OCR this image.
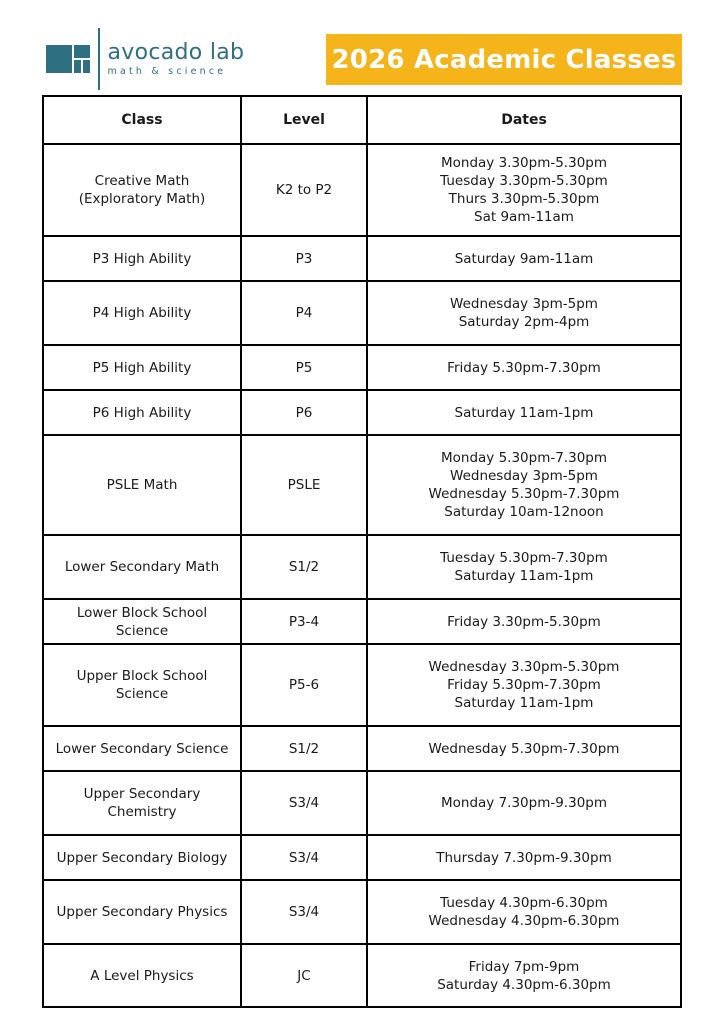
avocado lab
math & science	2026 Academic Classes
Class	Level	Dates
Creative Math (Exploratory Math)	K2 to P2	Monday 3.30pm-5.30pm
Tuesday 3.30pm-5.30pm
Thurs 3.30pm-5.30pm
Sat 9am-11am

P3 High Ability	P3	Saturday 9am-11am

P4 High Ability	P4	Wednesday 3pm-5pm
Saturday 2pm-4pm

P5 High Ability	P5	Friday 5.30pm-7.30pm

P6 High Ability	P6	Saturday 11am-1pm

PSLE Math	PSLE	Monday 5.30pm-7.30pm
Wednesday 3pm-5pm
Wednesday 5.30pm-7.30pm
Saturday 10am-12noon

Lower Secondary Math	S1/2	Tuesday 5.30pm-7.30pm
Saturday 11am-1pm

Lower Block School Science	P3-4	Friday 3.30pm-5.30pm

Upper Block School Science	P5-6	Wednesday 3.30pm-5.30pm
Friday 5.30pm-7.30pm
Saturday 11am-1pm

Lower Secondary Science	S1/2	Wednesday 5.30pm-7.30pm

Upper Secondary Chemistry	S3/4	Monday 7.30pm-9.30pm

Upper Secondary Biology	S3/4	Thursday 7.30pm-9.30pm

Upper Secondary Physics	S3/4	Tuesday 4.30pm-6.30pm
Wednesday 4.30pm-6.30pm

A Level Physics	JC	Friday 7pm-9pm
Saturday 4.30pm-6.30pm
